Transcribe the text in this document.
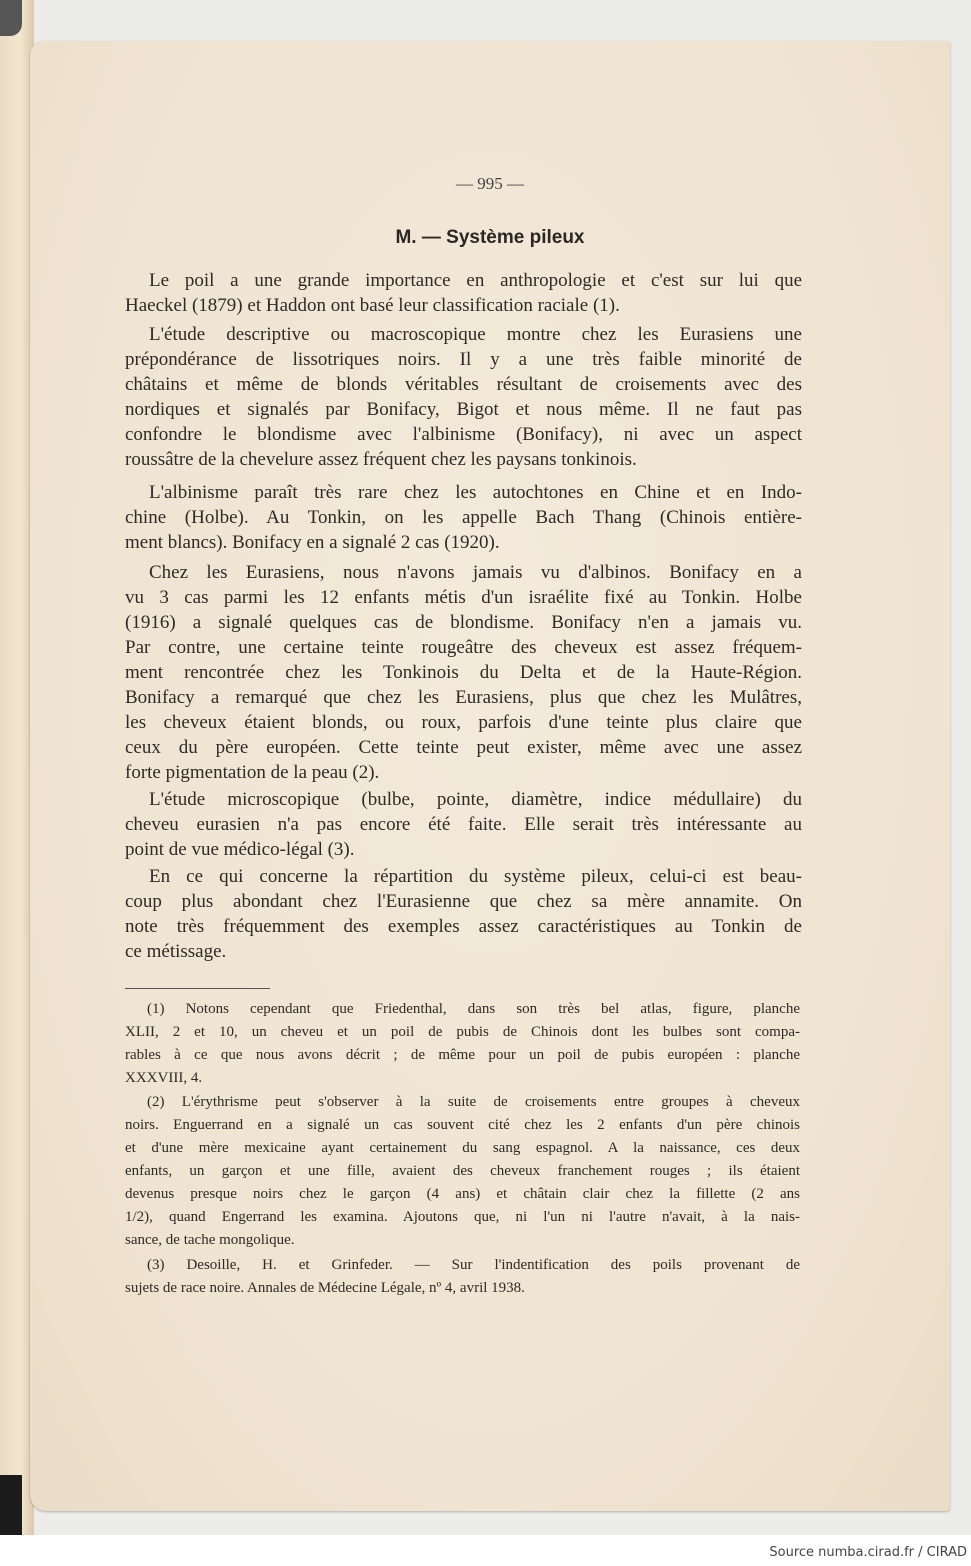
— 995 —
M. — Système pileux
Le poil a une grande importance en anthropologie et c'est sur lui que
Haeckel (1879) et Haddon ont basé leur classification raciale (1).
L'étude descriptive ou macroscopique montre chez les Eurasiens une
prépondérance de lissotriques noirs. Il y a une très faible minorité de
châtains et même de blonds véritables résultant de croisements avec des
nordiques et signalés par Bonifacy, Bigot et nous même. Il ne faut pas
confondre le blondisme avec l'albinisme (Bonifacy), ni avec un aspect
roussâtre de la chevelure assez fréquent chez les paysans tonkinois.
L'albinisme paraît très rare chez les autochtones en Chine et en Indo-
chine (Holbe). Au Tonkin, on les appelle Bach Thang (Chinois entière-
ment blancs). Bonifacy en a signalé 2 cas (1920).
Chez les Eurasiens, nous n'avons jamais vu d'albinos. Bonifacy en a
vu 3 cas parmi les 12 enfants métis d'un israélite fixé au Tonkin. Holbe
(1916) a signalé quelques cas de blondisme. Bonifacy n'en a jamais vu.
Par contre, une certaine teinte rougeâtre des cheveux est assez fréquem-
ment rencontrée chez les Tonkinois du Delta et de la Haute-Région.
Bonifacy a remarqué que chez les Eurasiens, plus que chez les Mulâtres,
les cheveux étaient blonds, ou roux, parfois d'une teinte plus claire que
ceux du père européen. Cette teinte peut exister, même avec une assez
forte pigmentation de la peau (2).
L'étude microscopique (bulbe, pointe, diamètre, indice médullaire) du
cheveu eurasien n'a pas encore été faite. Elle serait très intéressante au
point de vue médico-légal (3).
En ce qui concerne la répartition du système pileux, celui-ci est beau-
coup plus abondant chez l'Eurasienne que chez sa mère annamite. On
note très fréquemment des exemples assez caractéristiques au Tonkin de
ce métissage.
(1) Notons cependant que Friedenthal, dans son très bel atlas, figure, planche
XLII, 2 et 10, un cheveu et un poil de pubis de Chinois dont les bulbes sont compa-
rables à ce que nous avons décrit ; de même pour un poil de pubis européen : planche
XXXVIII, 4.
(2) L'érythrisme peut s'observer à la suite de croisements entre groupes à cheveux
noirs. Enguerrand en a signalé un cas souvent cité chez les 2 enfants d'un père chinois
et d'une mère mexicaine ayant certainement du sang espagnol. A la naissance, ces deux
enfants, un garçon et une fille, avaient des cheveux franchement rouges ; ils étaient
devenus presque noirs chez le garçon (4 ans) et châtain clair chez la fillette (2 ans
1/2), quand Engerrand les examina. Ajoutons que, ni l'un ni l'autre n'avait, à la nais-
sance, de tache mongolique.
(3) Desoille, H. et Grinfeder. — Sur l'indentification des poils provenant de
sujets de race noire. Annales de Médecine Légale, nº 4, avril 1938.
Source numba.cirad.fr / CIRAD
